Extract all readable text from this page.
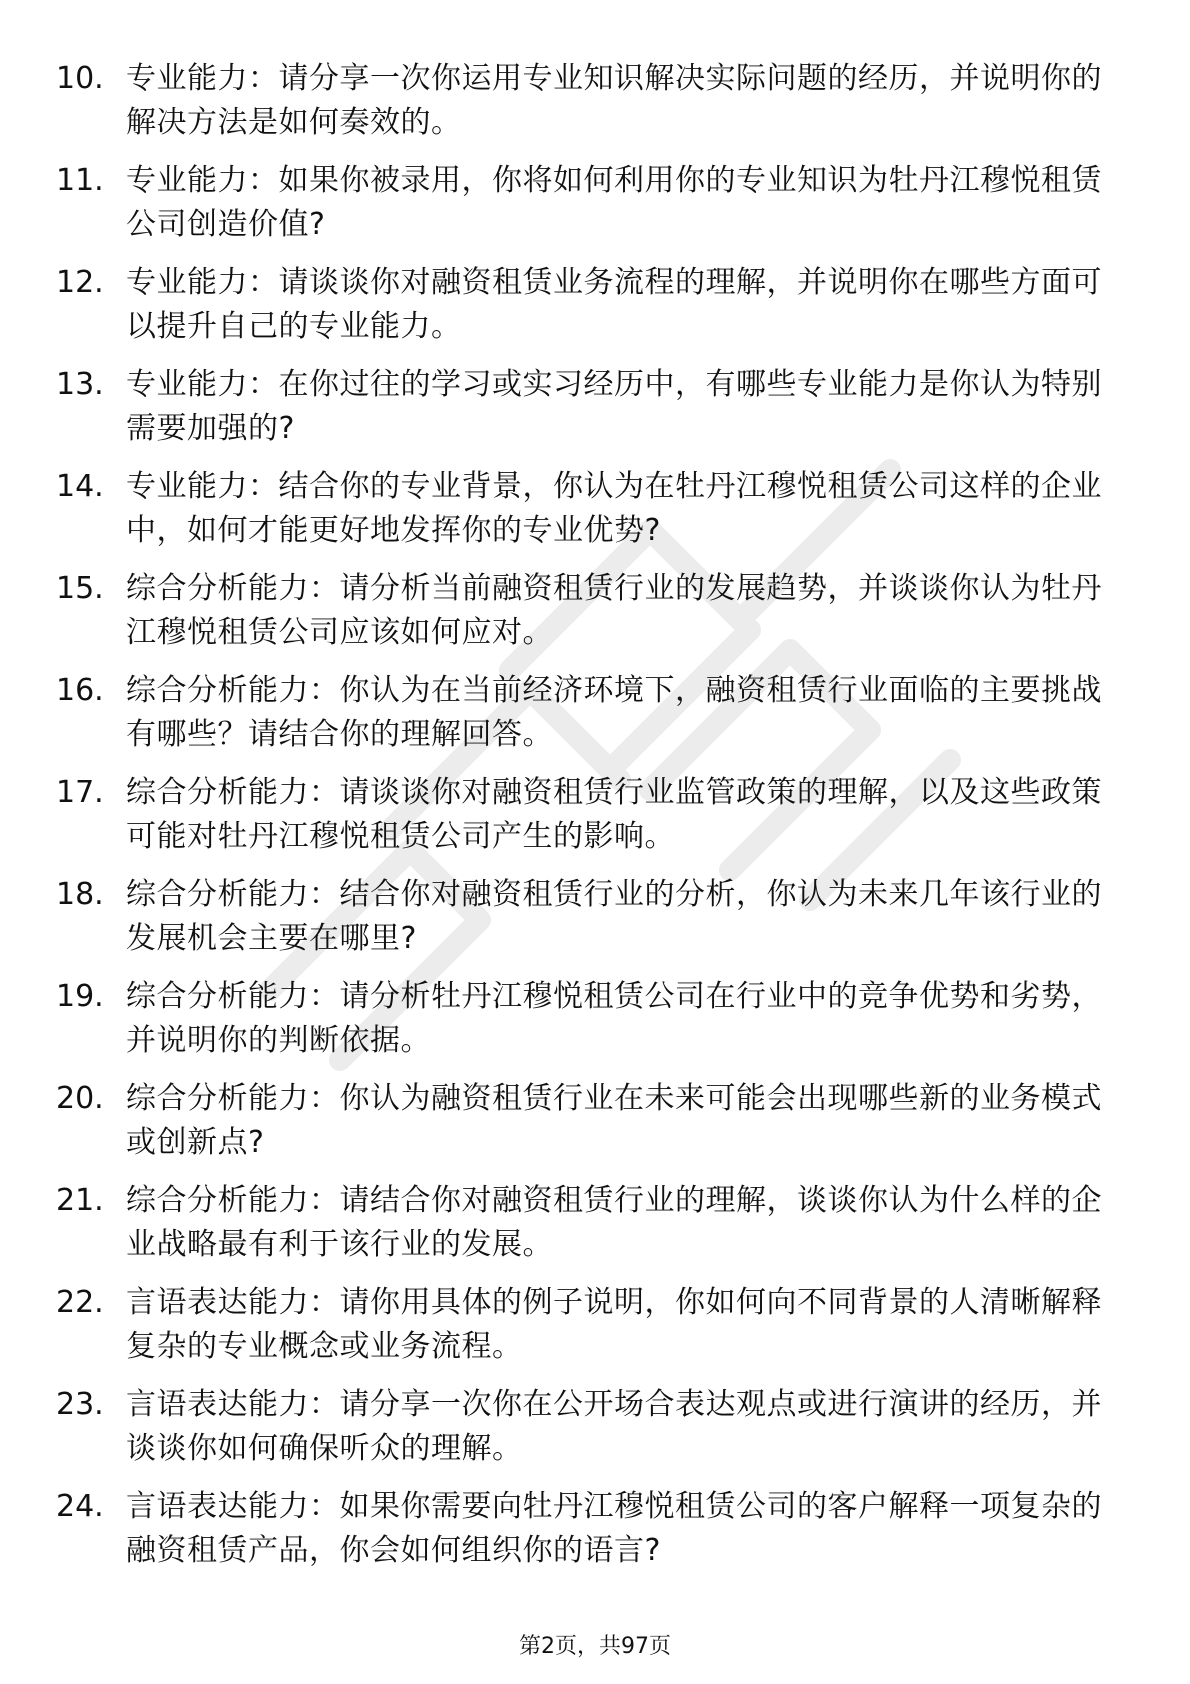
10. 专业能力：请分享一次你运用专业知识解决实际问题的经历，并说明你的解决方法是如何奏效的。
11. 专业能力：如果你被录用，你将如何利用你的专业知识为牡丹江穆悦租赁公司创造价值?
12. 专业能力：请谈谈你对融资租赁业务流程的理解，并说明你在哪些方面可以提升自己的专业能力。
13. 专业能力：在你过往的学习或实习经历中，有哪些专业能力是你认为特别需要加强的?
14. 专业能力：结合你的专业背景，你认为在牡丹江穆悦租赁公司这样的企业中，如何才能更好地发挥你的专业优势?
15. 综合分析能力：请分析当前融资租赁行业的发展趋势，并谈谈你认为牡丹江穆悦租赁公司应该如何应对。
16. 综合分析能力：你认为在当前经济环境下，融资租赁行业面临的主要挑战有哪些？请结合你的理解回答。
17. 综合分析能力：请谈谈你对融资租赁行业监管政策的理解，以及这些政策可能对牡丹江穆悦租赁公司产生的影响。
18. 综合分析能力：结合你对融资租赁行业的分析，你认为未来几年该行业的发展机会主要在哪里?
19. 综合分析能力：请分析牡丹江穆悦租赁公司在行业中的竞争优势和劣势，并说明你的判断依据。
20. 综合分析能力：你认为融资租赁行业在未来可能会出现哪些新的业务模式或创新点?
21. 综合分析能力：请结合你对融资租赁行业的理解，谈谈你认为什么样的企业战略最有利于该行业的发展。
22. 言语表达能力：请你用具体的例子说明，你如何向不同背景的人清晰解释复杂的专业概念或业务流程。
23. 言语表达能力：请分享一次你在公开场合表达观点或进行演讲的经历，并谈谈你如何确保听众的理解。
24. 言语表达能力：如果你需要向牡丹江穆悦租赁公司的客户解释一项复杂的融资租赁产品，你会如何组织你的语言?
第2页，共97页
